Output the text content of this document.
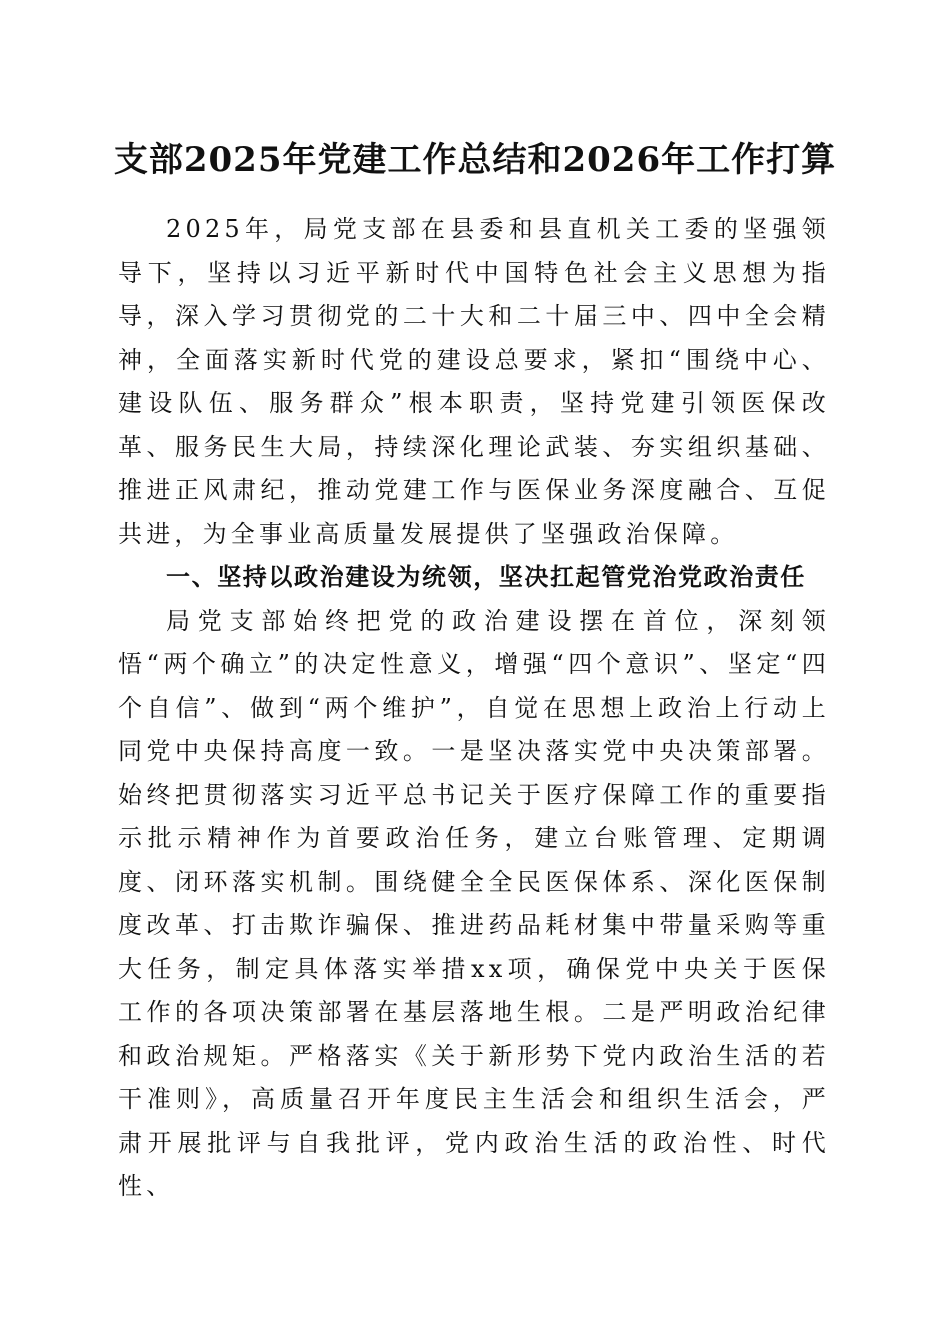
支部2025年党建工作总结和2026年工作打算

2025年，局党支部在县委和县直机关工委的坚强领导下，坚持以习近平新时代中国特色社会主义思想为指导，深入学习贯彻党的二十大和二十届三中、四中全会精神，全面落实新时代党的建设总要求，紧扣“围绕中心、建设队伍、服务群众”根本职责，坚持党建引领医保改革、服务民生大局，持续深化理论武装、夯实组织基础、推进正风肃纪，推动党建工作与医保业务深度融合、互促共进，为全事业高质量发展提供了坚强政治保障。

一、坚持以政治建设为统领，坚决扛起管党治党政治责任

局党支部始终把党的政治建设摆在首位，深刻领悟“两个确立”的决定性意义，增强“四个意识”、坚定“四个自信”、做到“两个维护”，自觉在思想上政治上行动上同党中央保持高度一致。一是坚决落实党中央决策部署。始终把贯彻落实习近平总书记关于医疗保障工作的重要指示批示精神作为首要政治任务，建立台账管理、定期调度、闭环落实机制。围绕健全全民医保体系、深化医保制度改革、打击欺诈骗保、推进药品耗材集中带量采购等重大任务，制定具体落实举措xx项，确保党中央关于医保工作的各项决策部署在基层落地生根。二是严明政治纪律和政治规矩。严格落实《关于新形势下党内政治生活的若干准则》，高质量召开年度民主生活会和组织生活会，严肃开展批评与自我批评，党内政治生活的政治性、时代性、
